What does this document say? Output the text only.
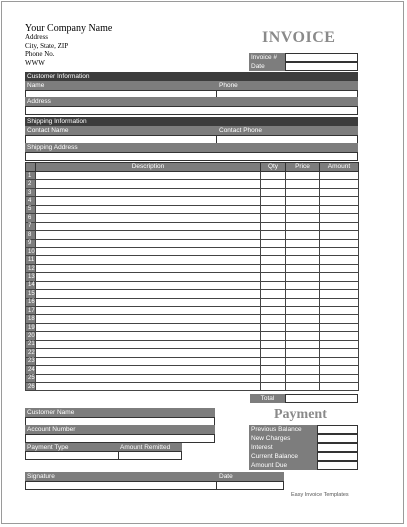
Your Company Name
Address
City, State, ZIP
Phone No.
WWW
INVOICE
Invoice #
Date
Customer Information
Name	Phone
Address
Shipping Information
Contact Name	Contact Phone
Shipping Address
	Description	Qty	Price	Amount
1				
2				
3				
4				
5				
6				
7				
8				
9				
10				
11				
12				
13				
14				
15				
16				
17				
18				
19				
20				
21				
22				
23				
24				
25				
26				
Total
Customer Name
Account Number
Payment Type	Amount Remitted
Payment
Previous Balance
New Charges
Interest
Current Balance
Amount Due
Signature	Date
Easy Invoice Templates
